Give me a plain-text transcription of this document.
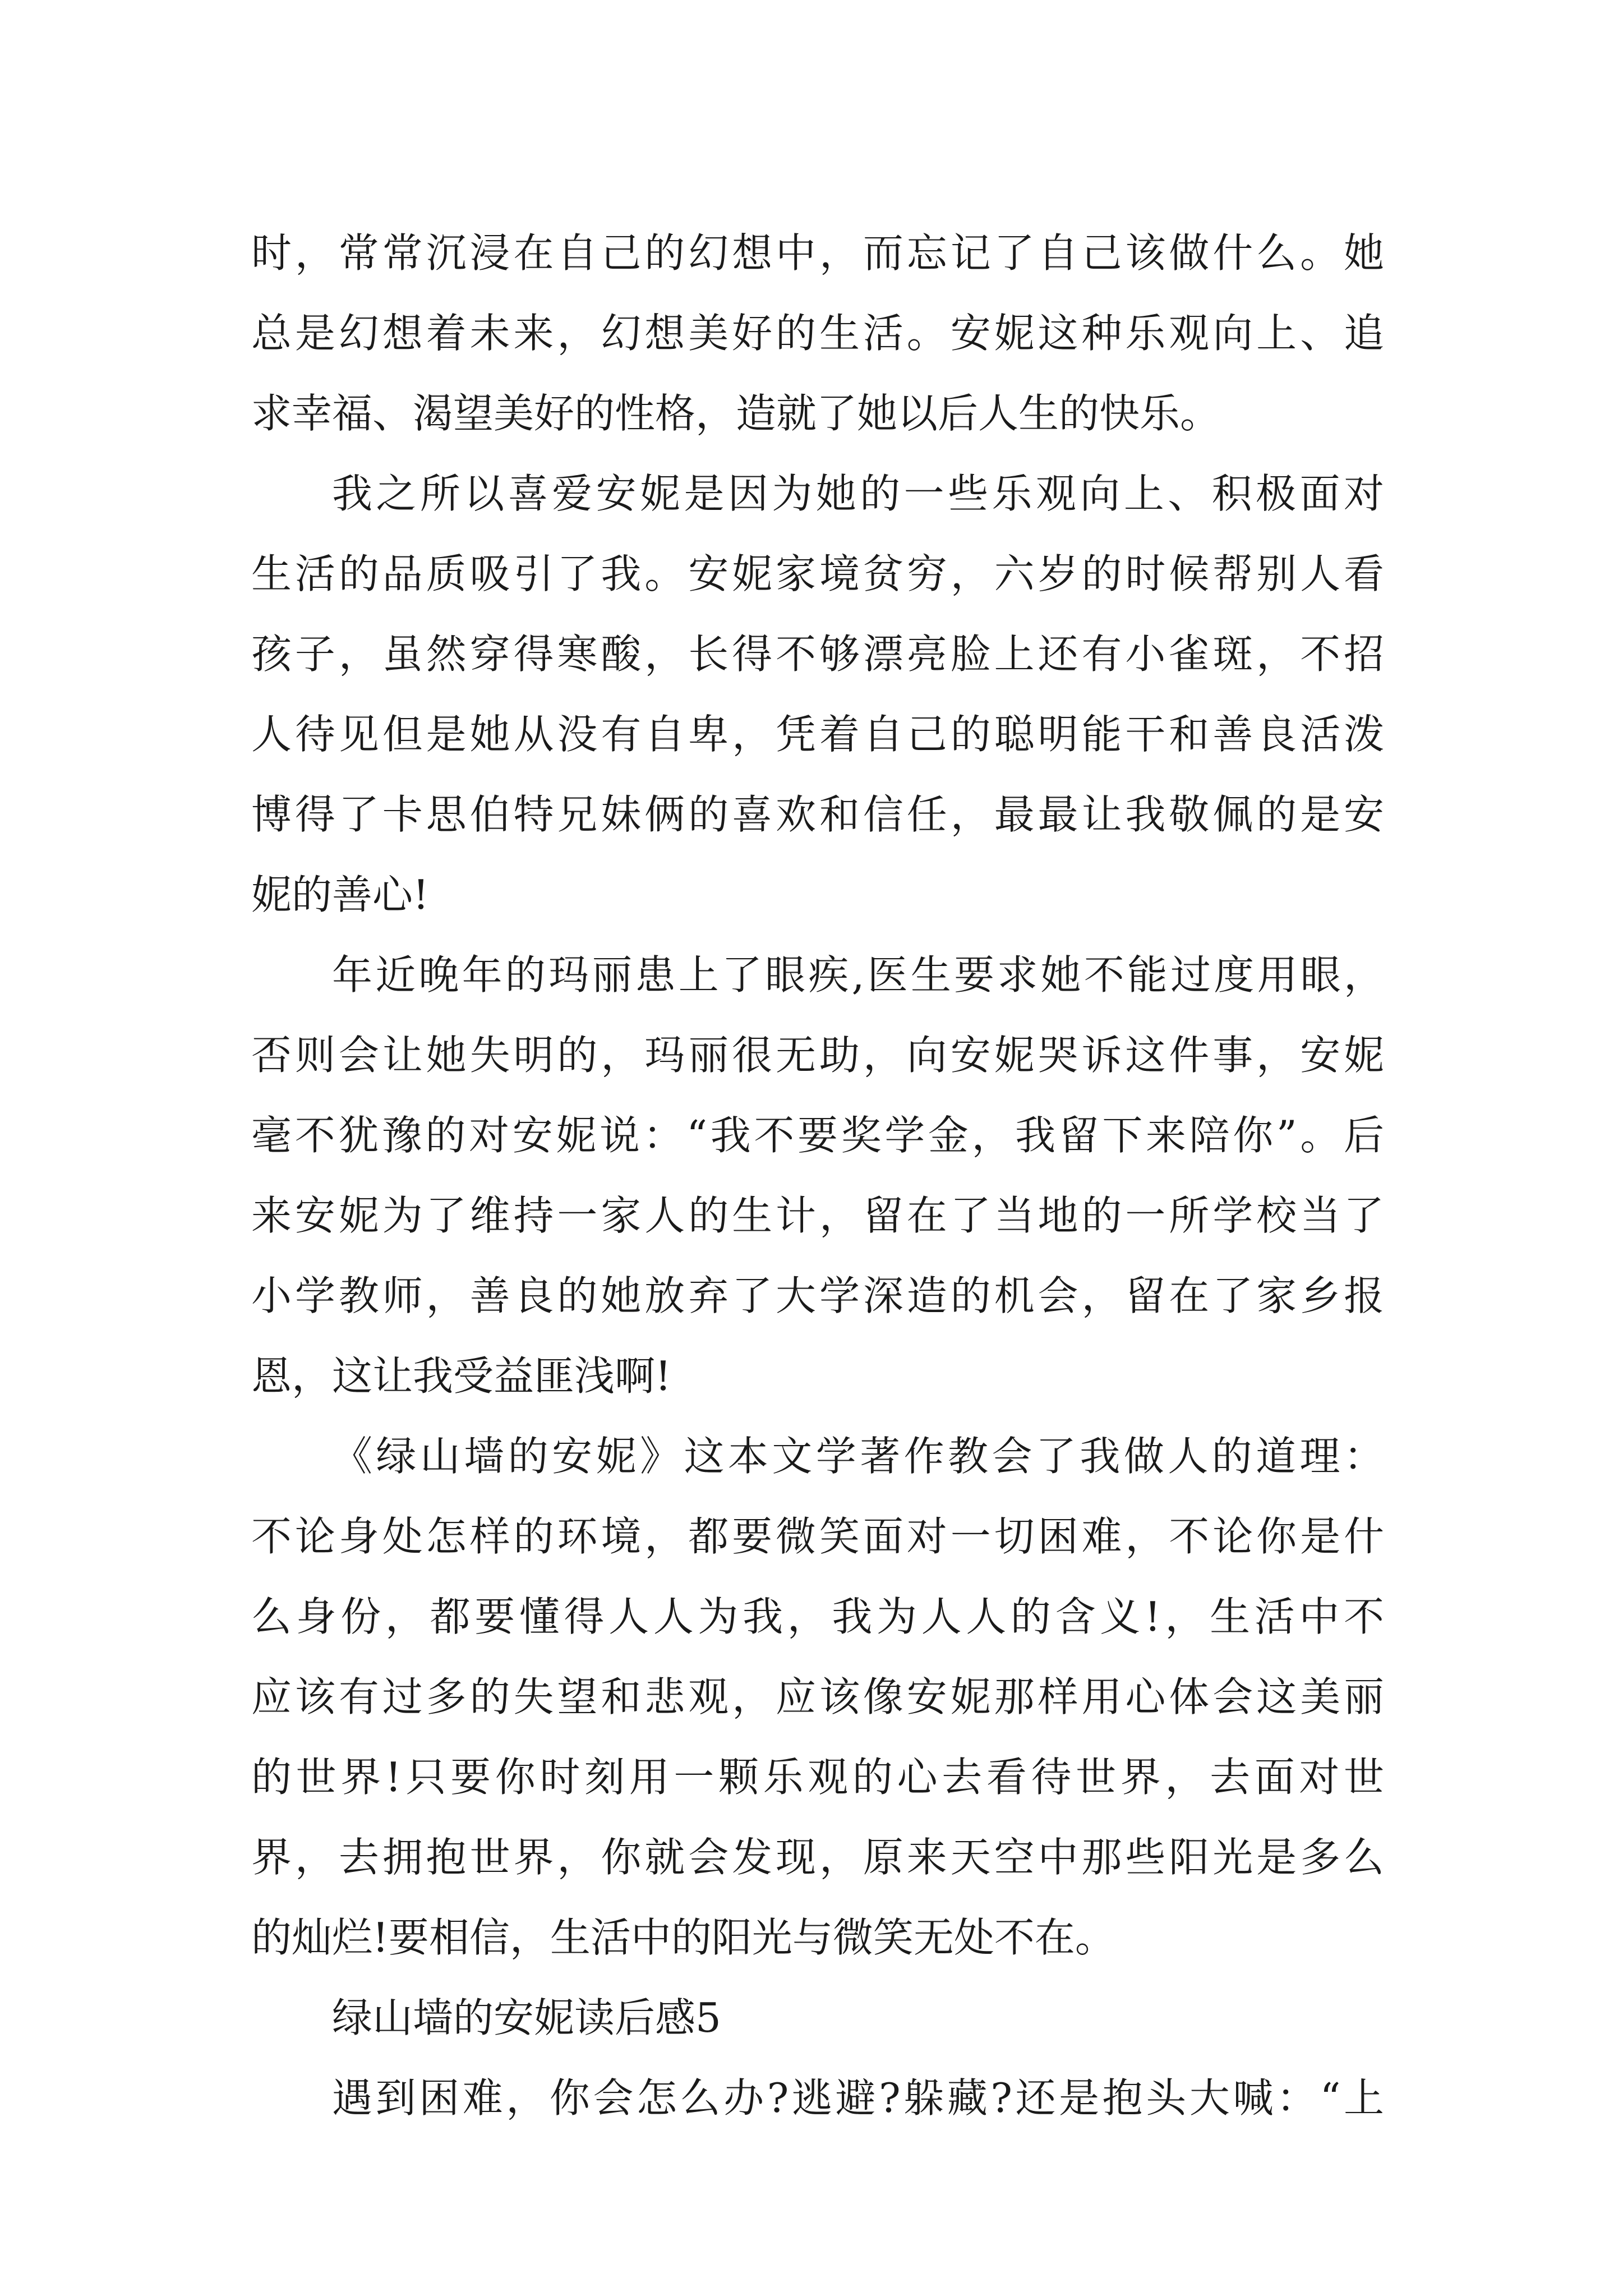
时，常常沉浸在自己的幻想中，而忘记了自己该做什么。她
总是幻想着未来，幻想美好的生活。安妮这种乐观向上、追
求幸福、渴望美好的性格，造就了她以后人生的快乐。
我之所以喜爱安妮是因为她的一些乐观向上、积极面对
生活的品质吸引了我。安妮家境贫穷，六岁的时候帮别人看
孩子，虽然穿得寒酸，长得不够漂亮脸上还有小雀斑，不招
人待见但是她从没有自卑，凭着自己的聪明能干和善良活泼
博得了卡思伯特兄妹俩的喜欢和信任，最最让我敬佩的是安
妮的善心!
年近晚年的玛丽患上了眼疾,医生要求她不能过度用眼，
否则会让她失明的，玛丽很无助，向安妮哭诉这件事，安妮
毫不犹豫的对安妮说：“我不要奖学金，我留下来陪你”。后
来安妮为了维持一家人的生计，留在了当地的一所学校当了
小学教师，善良的她放弃了大学深造的机会，留在了家乡报
恩，这让我受益匪浅啊!
《绿山墙的安妮》这本文学著作教会了我做人的道理：
不论身处怎样的环境，都要微笑面对一切困难，不论你是什
么身份，都要懂得人人为我，我为人人的含义!，生活中不
应该有过多的失望和悲观，应该像安妮那样用心体会这美丽
的世界!只要你时刻用一颗乐观的心去看待世界，去面对世
界，去拥抱世界，你就会发现，原来天空中那些阳光是多么
的灿烂!要相信，生活中的阳光与微笑无处不在。
绿山墙的安妮读后感5
遇到困难，你会怎么办?逃避?躲藏?还是抱头大喊：“上
